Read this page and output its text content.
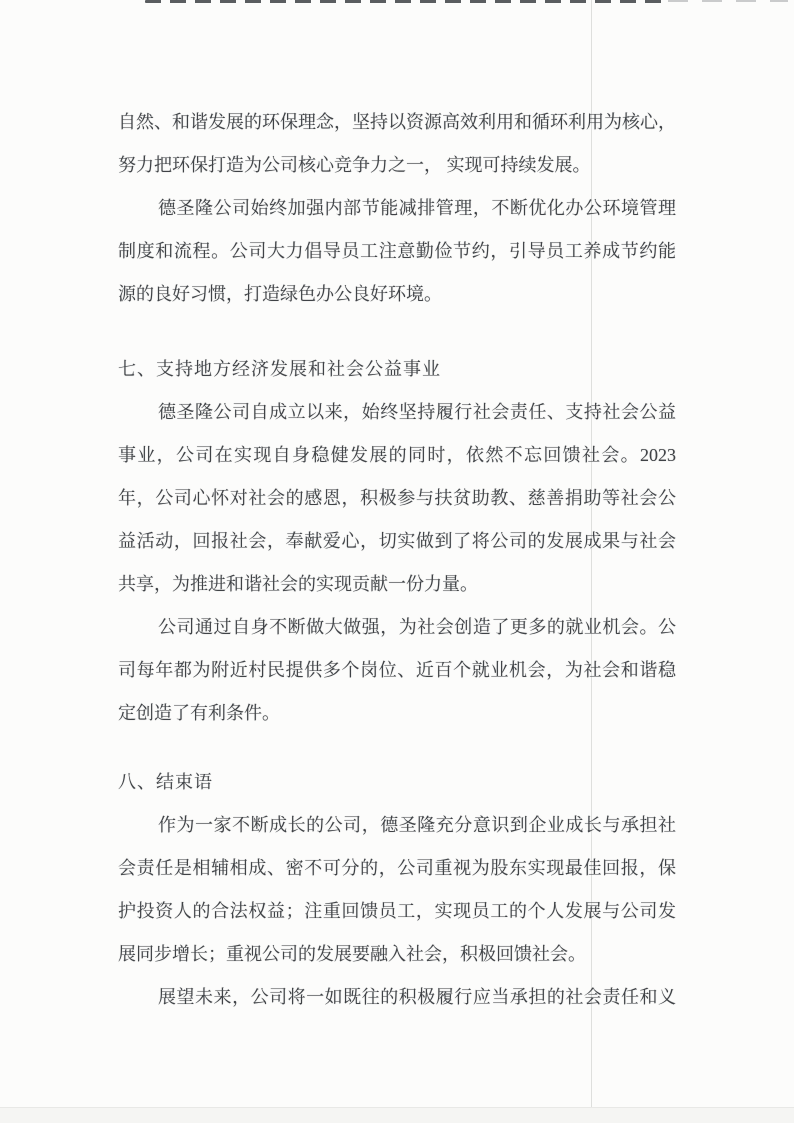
自然、和谐发展的环保理念，坚持以资源高效利用和循环利用为核心，
努力把环保打造为公司核心竞争力之一， 实现可持续发展。
德圣隆公司始终加强内部节能减排管理，不断优化办公环境管理
制度和流程。公司大力倡导员工注意勤俭节约，引导员工养成节约能
源的良好习惯，打造绿色办公良好环境。
七、支持地方经济发展和社会公益事业
德圣隆公司自成立以来，始终坚持履行社会责任、支持社会公益
事业，公司在实现自身稳健发展的同时，依然不忘回馈社会。2023
年，公司心怀对社会的感恩，积极参与扶贫助教、慈善捐助等社会公
益活动，回报社会，奉献爱心，切实做到了将公司的发展成果与社会
共享，为推进和谐社会的实现贡献一份力量。
公司通过自身不断做大做强，为社会创造了更多的就业机会。公
司每年都为附近村民提供多个岗位、近百个就业机会，为社会和谐稳
定创造了有利条件。
八、结束语
作为一家不断成长的公司，德圣隆充分意识到企业成长与承担社
会责任是相辅相成、密不可分的，公司重视为股东实现最佳回报，保
护投资人的合法权益；注重回馈员工，实现员工的个人发展与公司发
展同步增长；重视公司的发展要融入社会，积极回馈社会。
展望未来，公司将一如既往的积极履行应当承担的社会责任和义
